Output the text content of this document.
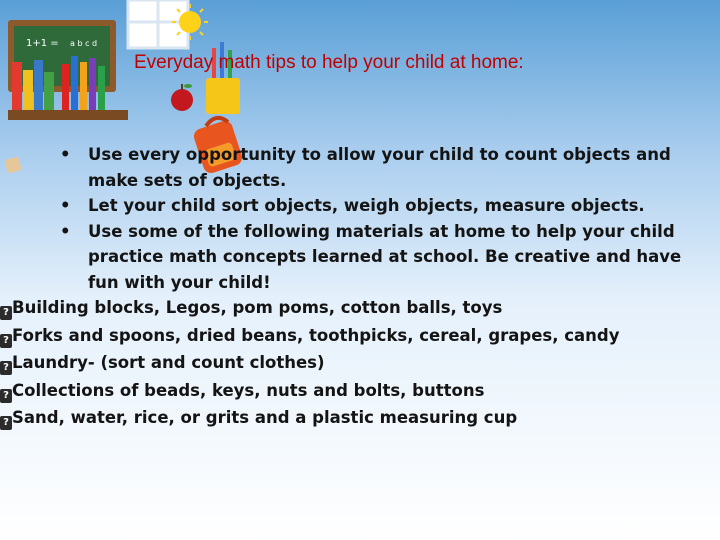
1+1 = a b c d
Everyday math tips to help your child at home:
• Use every opportunity to allow your child to count objects and make sets of objects.
• Let your child sort objects, weigh objects, measure objects.
• Use some of the following materials at home to help your child practice math concepts learned at school. Be creative and have fun with your child!
? Building blocks, Legos, pom poms, cotton balls, toys
? Forks and spoons, dried beans, toothpicks, cereal, grapes, candy
? Laundry- (sort and count clothes)
? Collections of beads, keys, nuts and bolts, buttons
? Sand, water, rice, or grits and a plastic measuring cup
